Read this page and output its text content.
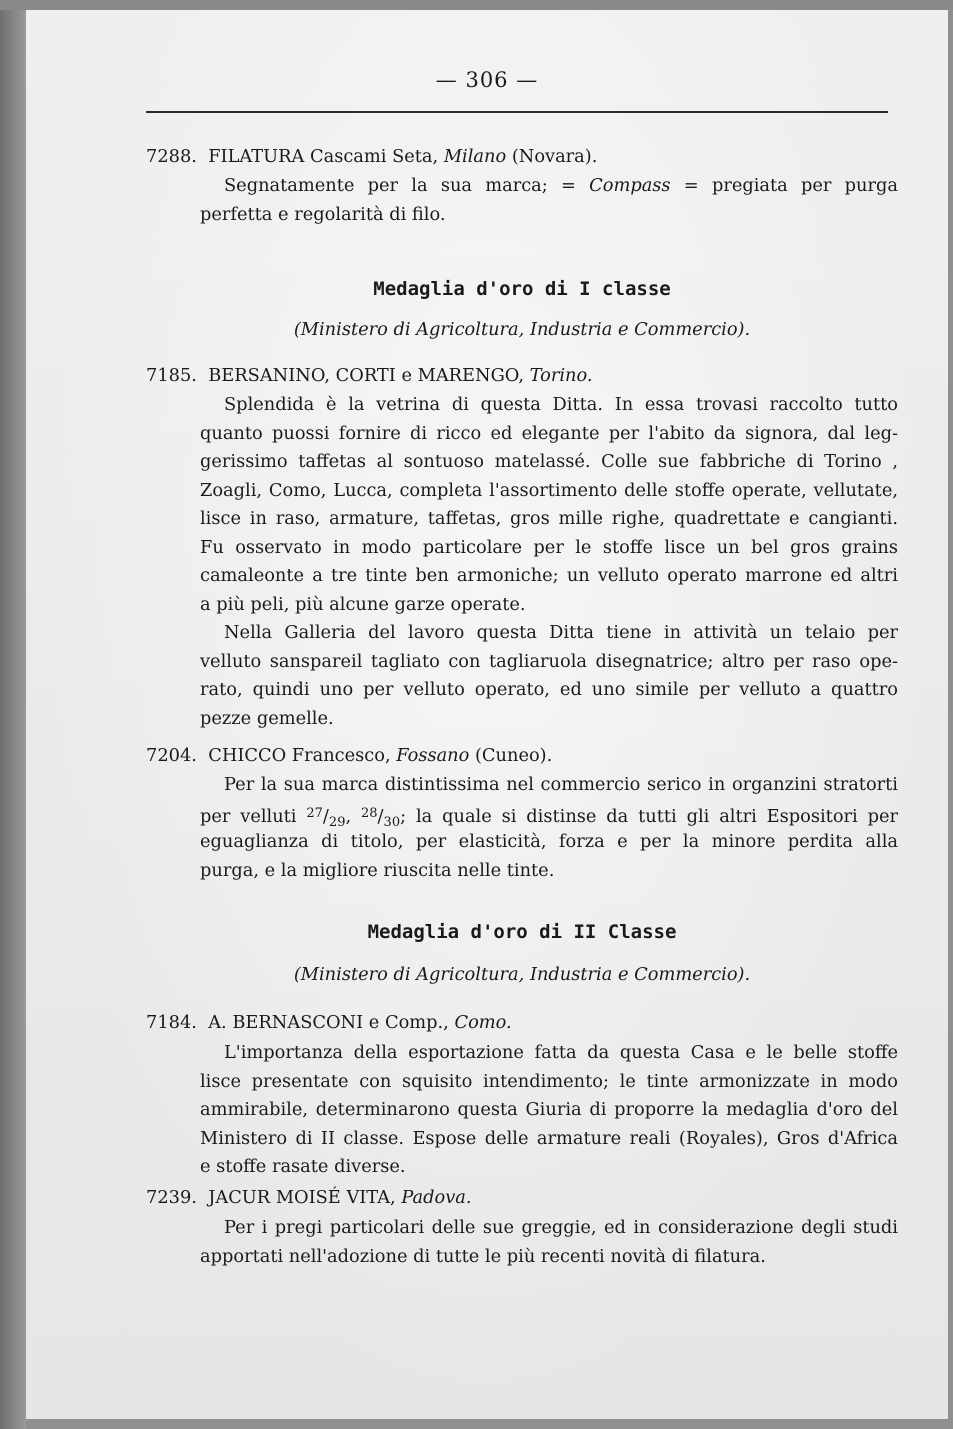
— 306 —
7288. FILATURA Cascami Seta, Milano (Novara).
Segnatamente per la sua marca; = Compass = pregiata per purga
perfetta e regolarità di filo.
Medaglia d'oro di I classe
(Ministero di Agricoltura, Industria e Commercio).
7185. BERSANINO, CORTI e MARENGO, Torino.
Splendida è la vetrina di questa Ditta. In essa trovasi raccolto tutto
quanto puossi fornire di ricco ed elegante per l'abito da signora, dal leg-
gerissimo taffetas al sontuoso matelassé. Colle sue fabbriche di Torino ,
Zoagli, Como, Lucca, completa l'assortimento delle stoffe operate, vellutate,
lisce in raso, armature, taffetas, gros mille righe, quadrettate e cangianti.
Fu osservato in modo particolare per le stoffe lisce un bel gros grains
camaleonte a tre tinte ben armoniche; un velluto operato marrone ed altri
a più peli, più alcune garze operate.
Nella Galleria del lavoro questa Ditta tiene in attività un telaio per
velluto sanspareil tagliato con tagliaruola disegnatrice; altro per raso ope-
rato, quindi uno per velluto operato, ed uno simile per velluto a quattro
pezze gemelle.
7204. CHICCO Francesco, Fossano (Cuneo).
Per la sua marca distintissima nel commercio serico in organzini stratorti
per velluti $^{27}/_{29}$, $^{28}/_{30}$; la quale si distinse da tutti gli altri Espositori per
eguaglianza di titolo, per elasticità, forza e per la minore perdita alla
purga, e la migliore riuscita nelle tinte.
Medaglia d'oro di II Classe
(Ministero di Agricoltura, Industria e Commercio).
7184. A. BERNASCONI e Comp., Como.
L'importanza della esportazione fatta da questa Casa e le belle stoffe
lisce presentate con squisito intendimento; le tinte armonizzate in modo
ammirabile, determinarono questa Giuria di proporre la medaglia d'oro del
Ministero di II classe. Espose delle armature reali (Royales), Gros d'Africa
e stoffe rasate diverse.
7239. JACUR MOISÉ VITA, Padova.
Per i pregi particolari delle sue greggie, ed in considerazione degli studi
apportati nell'adozione di tutte le più recenti novità di filatura.
